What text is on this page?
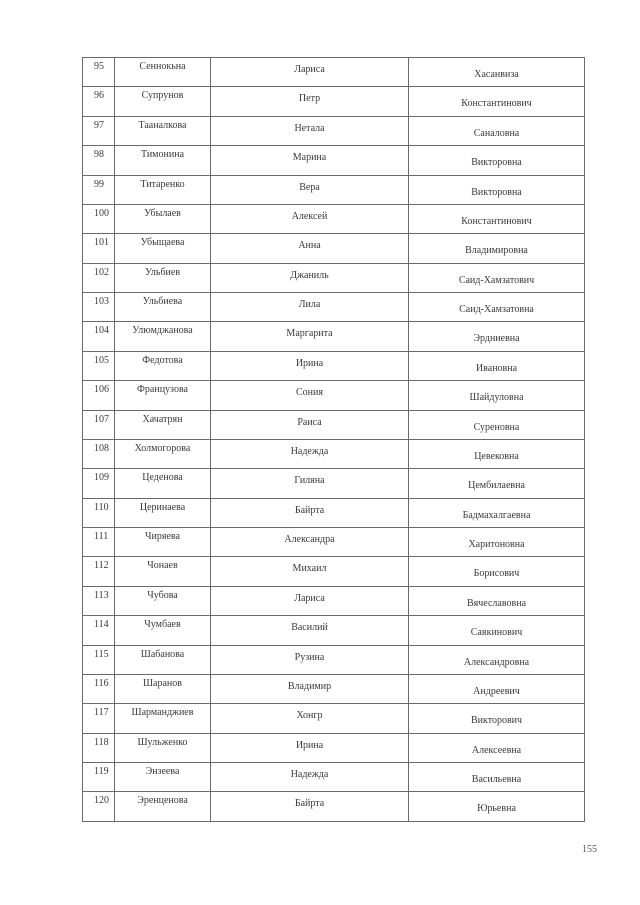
95	Сеннокьна	Лариса	Хасанвиза
96	Супрунов	Петр	Константинович
97	Тааналкова	Нетала	Саналовна
98	Тимонина	Марина	Викторовна
99	Титаренко	Вера	Викторовна
100	Убылаев	Алексей	Константинович
101	Убыщаева	Анна	Владимировна
102	Ульбиев	Джаниль	Саид-Хамзатович
103	Ульбиева	Лила	Саид-Хамзатовна
104	Улюмджанова	Маргарита	Эрдниевна
105	Федотова	Ирина	Ивановна
106	Французова	Сония	Шайдуловна
107	Хачатрян	Раиса	Суреновна
108	Холмогорова	Надежда	Цевековна
109	Цеденова	Гиляна	Цембилаевна
110	Церинаева	Байрта	Бадмахалгаевна
111	Чиряева	Александра	Харитоновна
112	Чонаев	Михаил	Борисович
113	Чубова	Лариса	Вячеславовна
114	Чумбаев	Василий	Савкинович
115	Шабанова	Рузина	Александровна
116	Шаранов	Владимир	Андреевич
117	Шарманджиев	Хонгр	Викторович
118	Шульженко	Ирина	Алексеевна
119	Энзеева	Надежда	Васильевна
120	Эренценова	Байрта	Юрьевна
155
